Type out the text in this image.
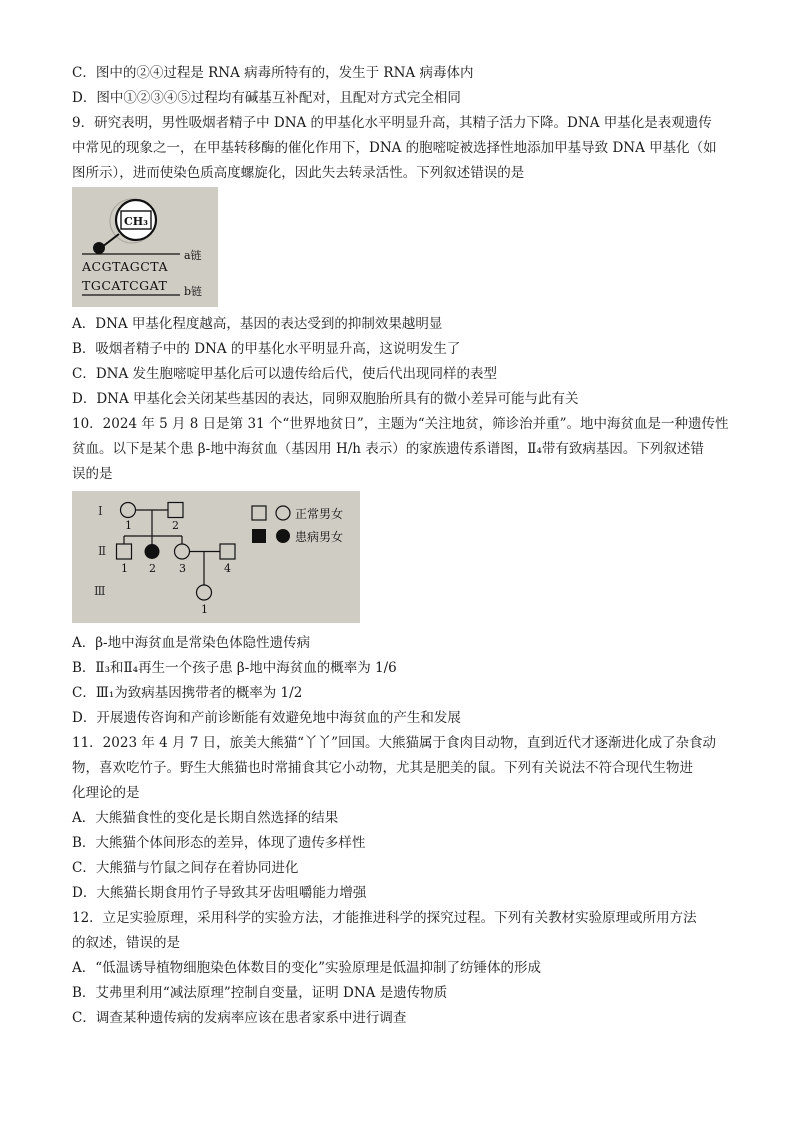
C．图中的②④过程是 RNA 病毒所特有的，发生于 RNA 病毒体内
D．图中①②③④⑤过程均有碱基互补配对，且配对方式完全相同
9．研究表明，男性吸烟者精子中 DNA 的甲基化水平明显升高，其精子活力下降。DNA 甲基化是表观遗传
中常见的现象之一，在甲基转移酶的催化作用下，DNA 的胞嘧啶被选择性地添加甲基导致 DNA 甲基化（如
图所示），进而使染色质高度螺旋化，因此失去转录活性。下列叙述错误的是
CH₃
ACGTAGCTA
a链
TGCATCGAT b链
A．DNA 甲基化程度越高，基因的表达受到的抑制效果越明显
B．吸烟者精子中的 DNA 的甲基化水平明显升高，这说明发生了
C．DNA 发生胞嘧啶甲基化后可以遗传给后代，使后代出现同样的表型
D．DNA 甲基化会关闭某些基因的表达，同卵双胞胎所具有的微小差异可能与此有关
10．2024 年 5 月 8 日是第 31 个“世界地贫日”，主题为“关注地贫，筛诊治并重”。地中海贫血是一种遗传性
贫血。以下是某个患 β-地中海贫血（基因用 H/h 表示）的家族遗传系谱图，Ⅱ₄带有致病基因。下列叙述错
误的是
Ⅰ
Ⅱ
Ⅲ
1	2
1 2 3	4
1
正常男女
患病男女
A．β-地中海贫血是常染色体隐性遗传病
B．Ⅱ₃和Ⅱ₄再生一个孩子患 β-地中海贫血的概率为 1/6
C．Ⅲ₁为致病基因携带者的概率为 1/2
D．开展遗传咨询和产前诊断能有效避免地中海贫血的产生和发展
11．2023 年 4 月 7 日，旅美大熊猫“丫丫”回国。大熊猫属于食肉目动物，直到近代才逐渐进化成了杂食动
物，喜欢吃竹子。野生大熊猫也时常捕食其它小动物，尤其是肥美的鼠。下列有关说法不符合现代生物进
化理论的是
A．大熊猫食性的变化是长期自然选择的结果
B．大熊猫个体间形态的差异，体现了遗传多样性
C．大熊猫与竹鼠之间存在着协同进化
D．大熊猫长期食用竹子导致其牙齿咀嚼能力增强
12．立足实验原理，采用科学的实验方法，才能推进科学的探究过程。下列有关教材实验原理或所用方法
的叙述，错误的是
A．“低温诱导植物细胞染色体数目的变化”实验原理是低温抑制了纺锤体的形成
B．艾弗里利用“减法原理”控制自变量，证明 DNA 是遗传物质
C．调查某种遗传病的发病率应该在患者家系中进行调查
